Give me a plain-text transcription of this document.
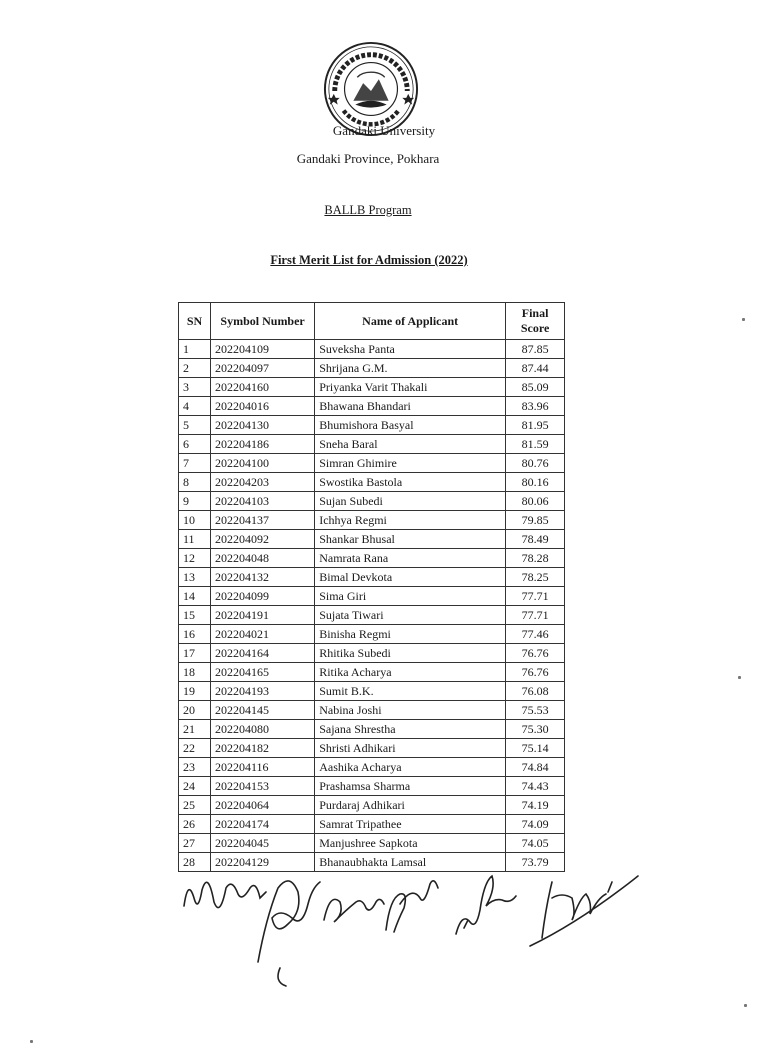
Gandaki University
Gandaki Province, Pokhara
BALLB Program
First Merit List for Admission (2022)
SN	Symbol Number	Name of Applicant	Final Score
1	202204109	Suveksha Panta	87.85
2	202204097	Shrijana G.M.	87.44
3	202204160	Priyanka Varit Thakali	85.09
4	202204016	Bhawana Bhandari	83.96
5	202204130	Bhumishora Basyal	81.95
6	202204186	Sneha Baral	81.59
7	202204100	Simran Ghimire	80.76
8	202204203	Swostika Bastola	80.16
9	202204103	Sujan Subedi	80.06
10	202204137	Ichhya Regmi	79.85
11	202204092	Shankar Bhusal	78.49
12	202204048	Namrata Rana	78.28
13	202204132	Bimal Devkota	78.25
14	202204099	Sima Giri	77.71
15	202204191	Sujata Tiwari	77.71
16	202204021	Binisha Regmi	77.46
17	202204164	Rhitika Subedi	76.76
18	202204165	Ritika Acharya	76.76
19	202204193	Sumit B.K.	76.08
20	202204145	Nabina Joshi	75.53
21	202204080	Sajana Shrestha	75.30
22	202204182	Shristi Adhikari	75.14
23	202204116	Aashika Acharya	74.84
24	202204153	Prashamsa Sharma	74.43
25	202204064	Purdaraj Adhikari	74.19
26	202204174	Samrat Tripathee	74.09
27	202204045	Manjushree Sapkota	74.05
28	202204129	Bhanaubhakta Lamsal	73.79
